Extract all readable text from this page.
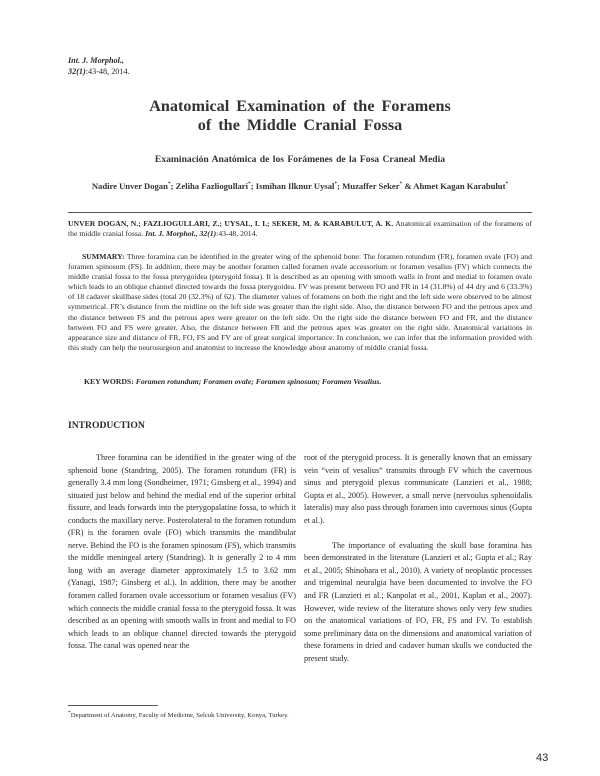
Int. J. Morphol.,
32(1):43-48, 2014.
Anatomical Examination of the Foramens
of the Middle Cranial Fossa
Examinación Anatómica de los Forámenes de la Fosa Craneal Media
Nadire Unver Dogan*; Zeliha Fazliogullari*; Ismihan Ilknur Uysal*; Muzaffer Seker* & Ahmet Kagan Karabulut*
UNVER DOGAN, N.; FAZLIOGULLARI, Z.; UYSAL, I. I.; SEKER, M. & KARABULUT, A. K. Anatomical examination of the foramens of the middle cranial fossa. Int. J. Morphol., 32(1):43-48, 2014.
SUMMARY: Three foramina can be identified in the greater wing of the sphenoid bone: The foramen rotundum (FR), foramen ovale (FO) and foramen spinosum (FS). In addition, there may be another foramen called foramen ovale accessorium or foramen vesalius (FV) which connects the middle cranial fossa to the fossa pterygoidea (pterygoid fossa). It is described as an opening with smooth walls in front and medial to foramen ovale which leads to an oblique channel directed towards the fossa pterygoidea. FV was present between FO and FR in 14 (31.8%) of 44 dry and 6 (33.3%) of 18 cadaver skullbase sides (total 20 (32.3%) of 62). The diameter values of foramens on both the right and the left side were observed to be almost symmetrical. FR’s distance from the midline on the left side was greater than the right side. Also, the distance between FO and the petrous apex and the distance between FS and the petrous apex were greater on the left side. On the right side the distance between FO and FR, and the distance between FO and FS were greater. Also, the distance between FR and the petrous apex was greater on the right side. Anatomical variations in appearance size and distance of FR, FO, FS and FV are of great surgical importance. In conclusion, we can infer that the information provided with this study can help the neurosurgeon and anatomist to increase the knowledge about anatomy of middle cranial fossa.
KEY WORDS: Foramen rotundum; Foramen ovale; Foramen spinosum; Foramen Vesalius.
INTRODUCTION

Three foramina can be identified in the greater wing of the sphenoid bone (Standring, 2005). The foramen rotundum (FR) is generally 3.4 mm long (Sondheimer, 1971; Ginsberg et al., 1994) and situated just below and behind the medial end of the superior orbital fissure, and leads forwards into the pterygopalatine fossa, to which it conducts the maxillary nerve. Posterolateral to the foramen rotundum (FR) is the foramen ovale (FO) which transmits the mandibular nerve. Behind the FO is the foramen spinosum (FS), which transmits the middle meningeal artery (Standring). It is generally 2 to 4 mm long with an average diameter approximately 1.5 to 3.62 mm (Yanagi, 1987; Ginsberg et al.). In addition, there may be another foramen called foramen ovale accessorium or foramen vesalius (FV) which connects the middle cranial fossa to the pterygoid fossa. It was described as an opening with smooth walls in front and medial to FO which leads to an oblique channel directed towards the pterygoid fossa. The canal was opened near the

root of the pterygoid process. It is generally known that an emissary vein “vein of vesalius” transmits through FV which the cavernous sinus and pterygoid plexus communicate (Lanzieri et al., 1988; Gupta et al., 2005). However, a small nerve (nervoulus sphenoidalis lateralis) may also pass through foramen into cavernous sinus (Gupta et al.).

The importance of evaluating the skull base foramina has been demonstrated in the literature (Lanzieri et al.; Gupta et al.; Ray et al., 2005; Shinohara et al., 2010). A variety of neoplastic processes and trigeminal neuralgia have been documented to involve the FO and FR (Lanzieri et al.; Kanpolat et al., 2001, Kaplan et al., 2007). However, wide review of the literature shows only very few studies on the anatomical variations of FO, FR, FS and FV. To establish some preliminary data on the dimensions and anatomical variation of these foramens in dried and cadaver human skulls we conducted the present study.

*Department of Anatomy, Faculty of Medicine, Selcuk University, Konya, Turkey.
43
